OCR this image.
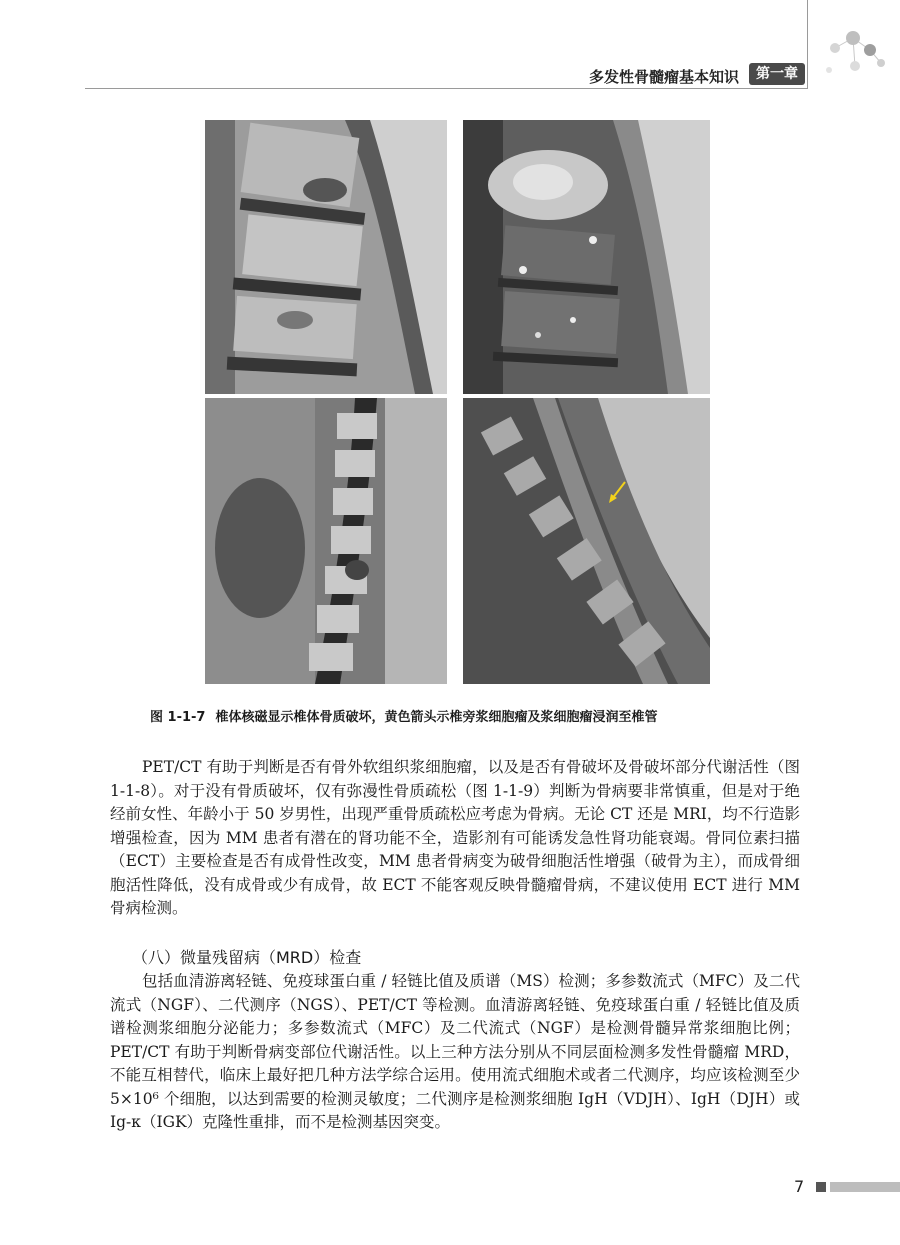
多发性骨髓瘤基本知识	第一章
图 1-1-7 椎体核磁显示椎体骨质破坏，黄色箭头示椎旁浆细胞瘤及浆细胞瘤浸润至椎管

PET/CT 有助于判断是否有骨外软组织浆细胞瘤，以及是否有骨破坏及骨破坏部分代谢活性（图 1-1-8）。对于没有骨质破坏，仅有弥漫性骨质疏松（图 1-1-9）判断为骨病要非常慎重，但是对于绝经前女性、年龄小于 50 岁男性，出现严重骨质疏松应考虑为骨病。无论 CT 还是 MRI，均不行造影增强检查，因为 MM 患者有潜在的肾功能不全，造影剂有可能诱发急性肾功能衰竭。骨同位素扫描（ECT）主要检查是否有成骨性改变，MM 患者骨病变为破骨细胞活性增强（破骨为主），而成骨细胞活性降低，没有成骨或少有成骨，故 ECT 不能客观反映骨髓瘤骨病，不建议使用 ECT 进行 MM 骨病检测。

（八）微量残留病（MRD）检查

包括血清游离轻链、免疫球蛋白重 / 轻链比值及质谱（MS）检测；多参数流式（MFC）及二代流式（NGF）、二代测序（NGS）、PET/CT 等检测。血清游离轻链、免疫球蛋白重 / 轻链比值及质谱检测浆细胞分泌能力；多参数流式（MFC）及二代流式（NGF）是检测骨髓异常浆细胞比例；PET/CT 有助于判断骨病变部位代谢活性。以上三种方法分别从不同层面检测多发性骨髓瘤 MRD，不能互相替代，临床上最好把几种方法学综合运用。使用流式细胞术或者二代测序，均应该检测至少 5×10⁶ 个细胞，以达到需要的检测灵敏度；二代测序是检测浆细胞 IgH（VDJH）、IgH（DJH）或 Ig-κ（IGK）克隆性重排，而不是检测基因突变。

7
